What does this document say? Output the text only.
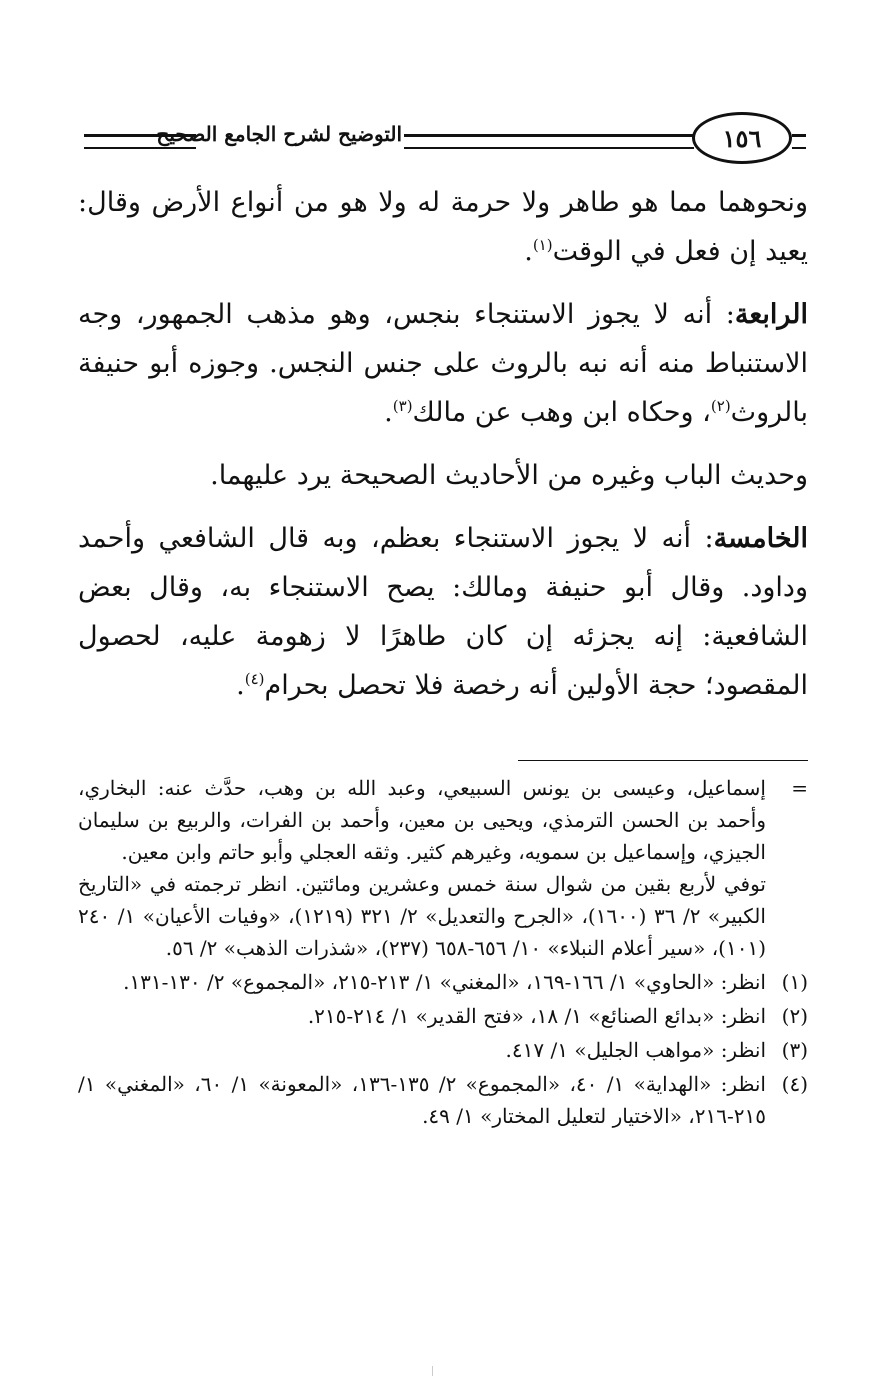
التوضيح لشرح الجامع الصحيح	١٥٦

ونحوهما مما هو طاهر ولا حرمة له ولا هو من أنواع الأرض وقال: يعيد إن فعل في الوقت$^{(١)}$.

الرابعة: أنه لا يجوز الاستنجاء بنجس، وهو مذهب الجمهور، وجه الاستنباط منه أنه نبه بالروث على جنس النجس. وجوزه أبو حنيفة بالروث$^{(٢)}$، وحكاه ابن وهب عن مالك$^{(٣)}$.

وحديث الباب وغيره من الأحاديث الصحيحة يرد عليهما.

الخامسة: أنه لا يجوز الاستنجاء بعظم، وبه قال الشافعي وأحمد وداود. وقال أبو حنيفة ومالك: يصح الاستنجاء به، وقال بعض الشافعية: إنه يجزئه إن كان طاهرًا لا زهومة عليه، لحصول المقصود؛ حجة الأولين أنه رخصة فلا تحصل بحرام$^{(٤)}$.

=

إسماعيل، وعيسى بن يونس السبيعي، وعبد الله بن وهب، حدَّث عنه: البخاري، وأحمد بن الحسن الترمذي، ويحيى بن معين، وأحمد بن الفرات، والربيع بن سليمان الجيزي، وإسماعيل بن سمويه، وغيرهم كثير. وثقه العجلي وأبو حاتم وابن معين.

توفي لأربع بقين من شوال سنة خمس وعشرين ومائتين. انظر ترجمته في «التاريخ الكبير» ٢/ ٣٦ (١٦٠٠)، «الجرح والتعديل» ٢/ ٣٢١ (١٢١٩)، «وفيات الأعيان» ١/ ٢٤٠ (١٠١)، «سير أعلام النبلاء» ١٠/ ٦٥٦-٦٥٨ (٢٣٧)، «شذرات الذهب» ٢/ ٥٦.

(١)
انظر: «الحاوي» ١/ ١٦٦-١٦٩، «المغني» ١/ ٢١٣-٢١٥، «المجموع» ٢/ ١٣٠-١٣١.
(٢)
انظر: «بدائع الصنائع» ١/ ١٨، «فتح القدير» ١/ ٢١٤-٢١٥.
(٣)
انظر: «مواهب الجليل» ١/ ٤١٧.
(٤)
انظر: «الهداية» ١/ ٤٠، «المجموع» ٢/ ١٣٥-١٣٦، «المعونة» ١/ ٦٠، «المغني» ١/ ٢١٥-٢١٦، «الاختيار لتعليل المختار» ١/ ٤٩.
